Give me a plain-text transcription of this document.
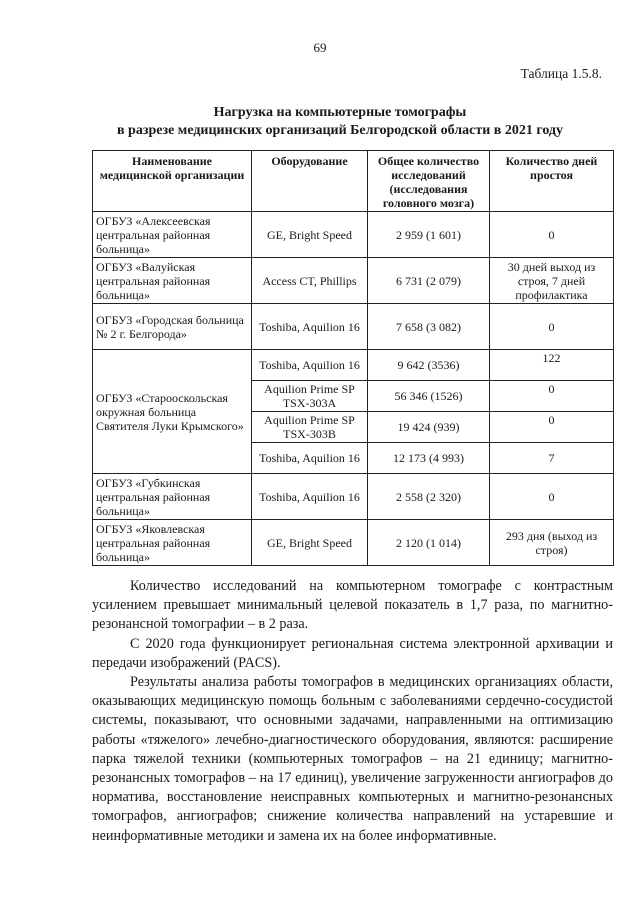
69
Таблица 1.5.8.
Нагрузка на компьютерные томографы
в разрезе медицинских организаций Белгородской области в 2021 году
Наименование медицинской организации	Оборудование	Общее количество исследований (исследования головного мозга)	Количество дней простоя
ОГБУЗ «Алексеевская центральная районная больница»	GE, Bright Speed	2 959 (1 601)	0
ОГБУЗ «Валуйская центральная районная больница»	Access CT, Phillips	6 731 (2 079)	30 дней выход из строя, 7 дней профилактика
ОГБУЗ «Городская больница № 2 г. Белгорода»	Toshiba, Aquilion 16	7 658 (3 082)	0
ОГБУЗ «Старооскольская окружная больница Святителя Луки Крымского»	Toshiba, Aquilion 16	9 642 (3536)	122
	Aquilion Prime SP TSX-303A	56 346 (1526)	0
	Aquilion Prime SP TSX-303B	19 424 (939)	0
	Toshiba, Aquilion 16	12 173 (4 993)	7
ОГБУЗ «Губкинская центральная районная больница»	Toshiba, Aquilion 16	2 558 (2 320)	0
ОГБУЗ «Яковлевская центральная районная больница»	GE, Bright Speed	2 120 (1 014)	293 дня (выход из строя)

Количество исследований на компьютерном томографе с контрастным усилением превышает минимальный целевой показатель в 1,7 раза, по магнитно-резонансной томографии – в 2 раза.

С 2020 года функционирует региональная система электронной архивации и передачи изображений (PACS).

Результаты анализа работы томографов в медицинских организациях области, оказывающих медицинскую помощь больным с заболеваниями сердечно-сосудистой системы, показывают, что основными задачами, направленными на оптимизацию работы «тяжелого» лечебно-диагностического оборудования, являются: расширение парка тяжелой техники (компьютерных томографов – на 21 единицу; магнитно-резонансных томографов – на 17 единиц), увеличение загруженности ангиографов до норматива, восстановление неисправных компьютерных и магнитно-резонансных томографов, ангиографов; снижение количества направлений на устаревшие и неинформативные методики и замена их на более информативные.
